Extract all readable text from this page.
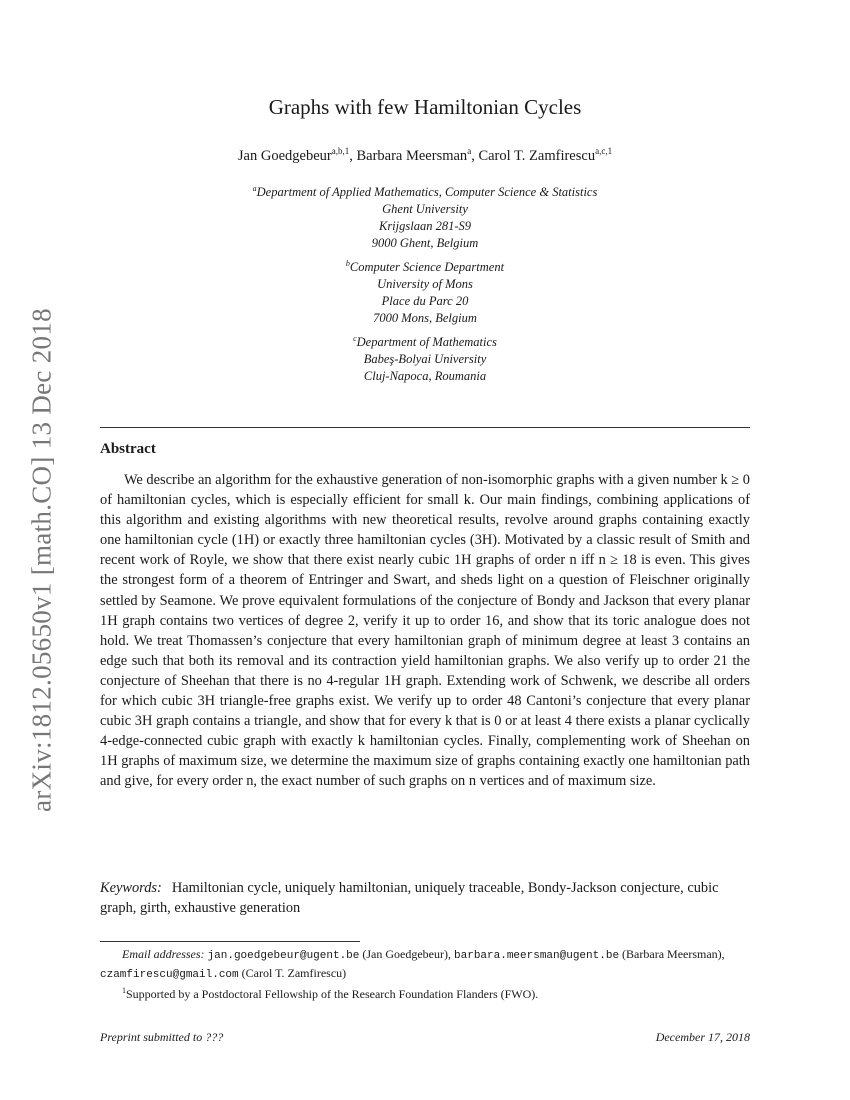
arXiv:1812.05650v1 [math.CO] 13 Dec 2018
Graphs with few Hamiltonian Cycles
Jan Goedgebeur$^{a,b,1}$, Barbara Meersman$^a$, Carol T. Zamfirescu$^{a,c,1}$
$^a$Department of Applied Mathematics, Computer Science & Statistics
Ghent University
Krijgslaan 281-S9
9000 Ghent, Belgium
$^b$Computer Science Department
University of Mons
Place du Parc 20
7000 Mons, Belgium
$^c$Department of Mathematics
Babeş-Bolyai University
Cluj-Napoca, Roumania
Abstract
We describe an algorithm for the exhaustive generation of non-isomorphic graphs with a given number k ≥ 0 of hamiltonian cycles, which is especially efficient for small k. Our main findings, combining applications of this algorithm and existing algorithms with new theoretical results, revolve around graphs containing exactly one hamiltonian cycle (1H) or exactly three hamiltonian cycles (3H). Motivated by a classic result of Smith and recent work of Royle, we show that there exist nearly cubic 1H graphs of order n iff n ≥ 18 is even. This gives the strongest form of a theorem of Entringer and Swart, and sheds light on a question of Fleischner originally settled by Seamone. We prove equivalent formulations of the conjecture of Bondy and Jackson that every planar 1H graph contains two vertices of degree 2, verify it up to order 16, and show that its toric analogue does not hold. We treat Thomassen’s conjecture that every hamiltonian graph of minimum degree at least 3 contains an edge such that both its removal and its contraction yield hamiltonian graphs. We also verify up to order 21 the conjecture of Sheehan that there is no 4-regular 1H graph. Extending work of Schwenk, we describe all orders for which cubic 3H triangle-free graphs exist. We verify up to order 48 Cantoni’s conjecture that every planar cubic 3H graph contains a triangle, and show that for every k that is 0 or at least 4 there exists a planar cyclically 4-edge-connected cubic graph with exactly k hamiltonian cycles. Finally, complementing work of Sheehan on 1H graphs of maximum size, we determine the maximum size of graphs containing exactly one hamiltonian path and give, for every order n, the exact number of such graphs on n vertices and of maximum size.
Keywords: Hamiltonian cycle, uniquely hamiltonian, uniquely traceable, Bondy-Jackson conjecture, cubic graph, girth, exhaustive generation
Email addresses: jan.goedgebeur@ugent.be (Jan Goedgebeur), barbara.meersman@ugent.be (Barbara Meersman), czamfirescu@gmail.com (Carol T. Zamfirescu)
$^1$Supported by a Postdoctoral Fellowship of the Research Foundation Flanders (FWO).
Preprint submitted to ???	December 17, 2018
